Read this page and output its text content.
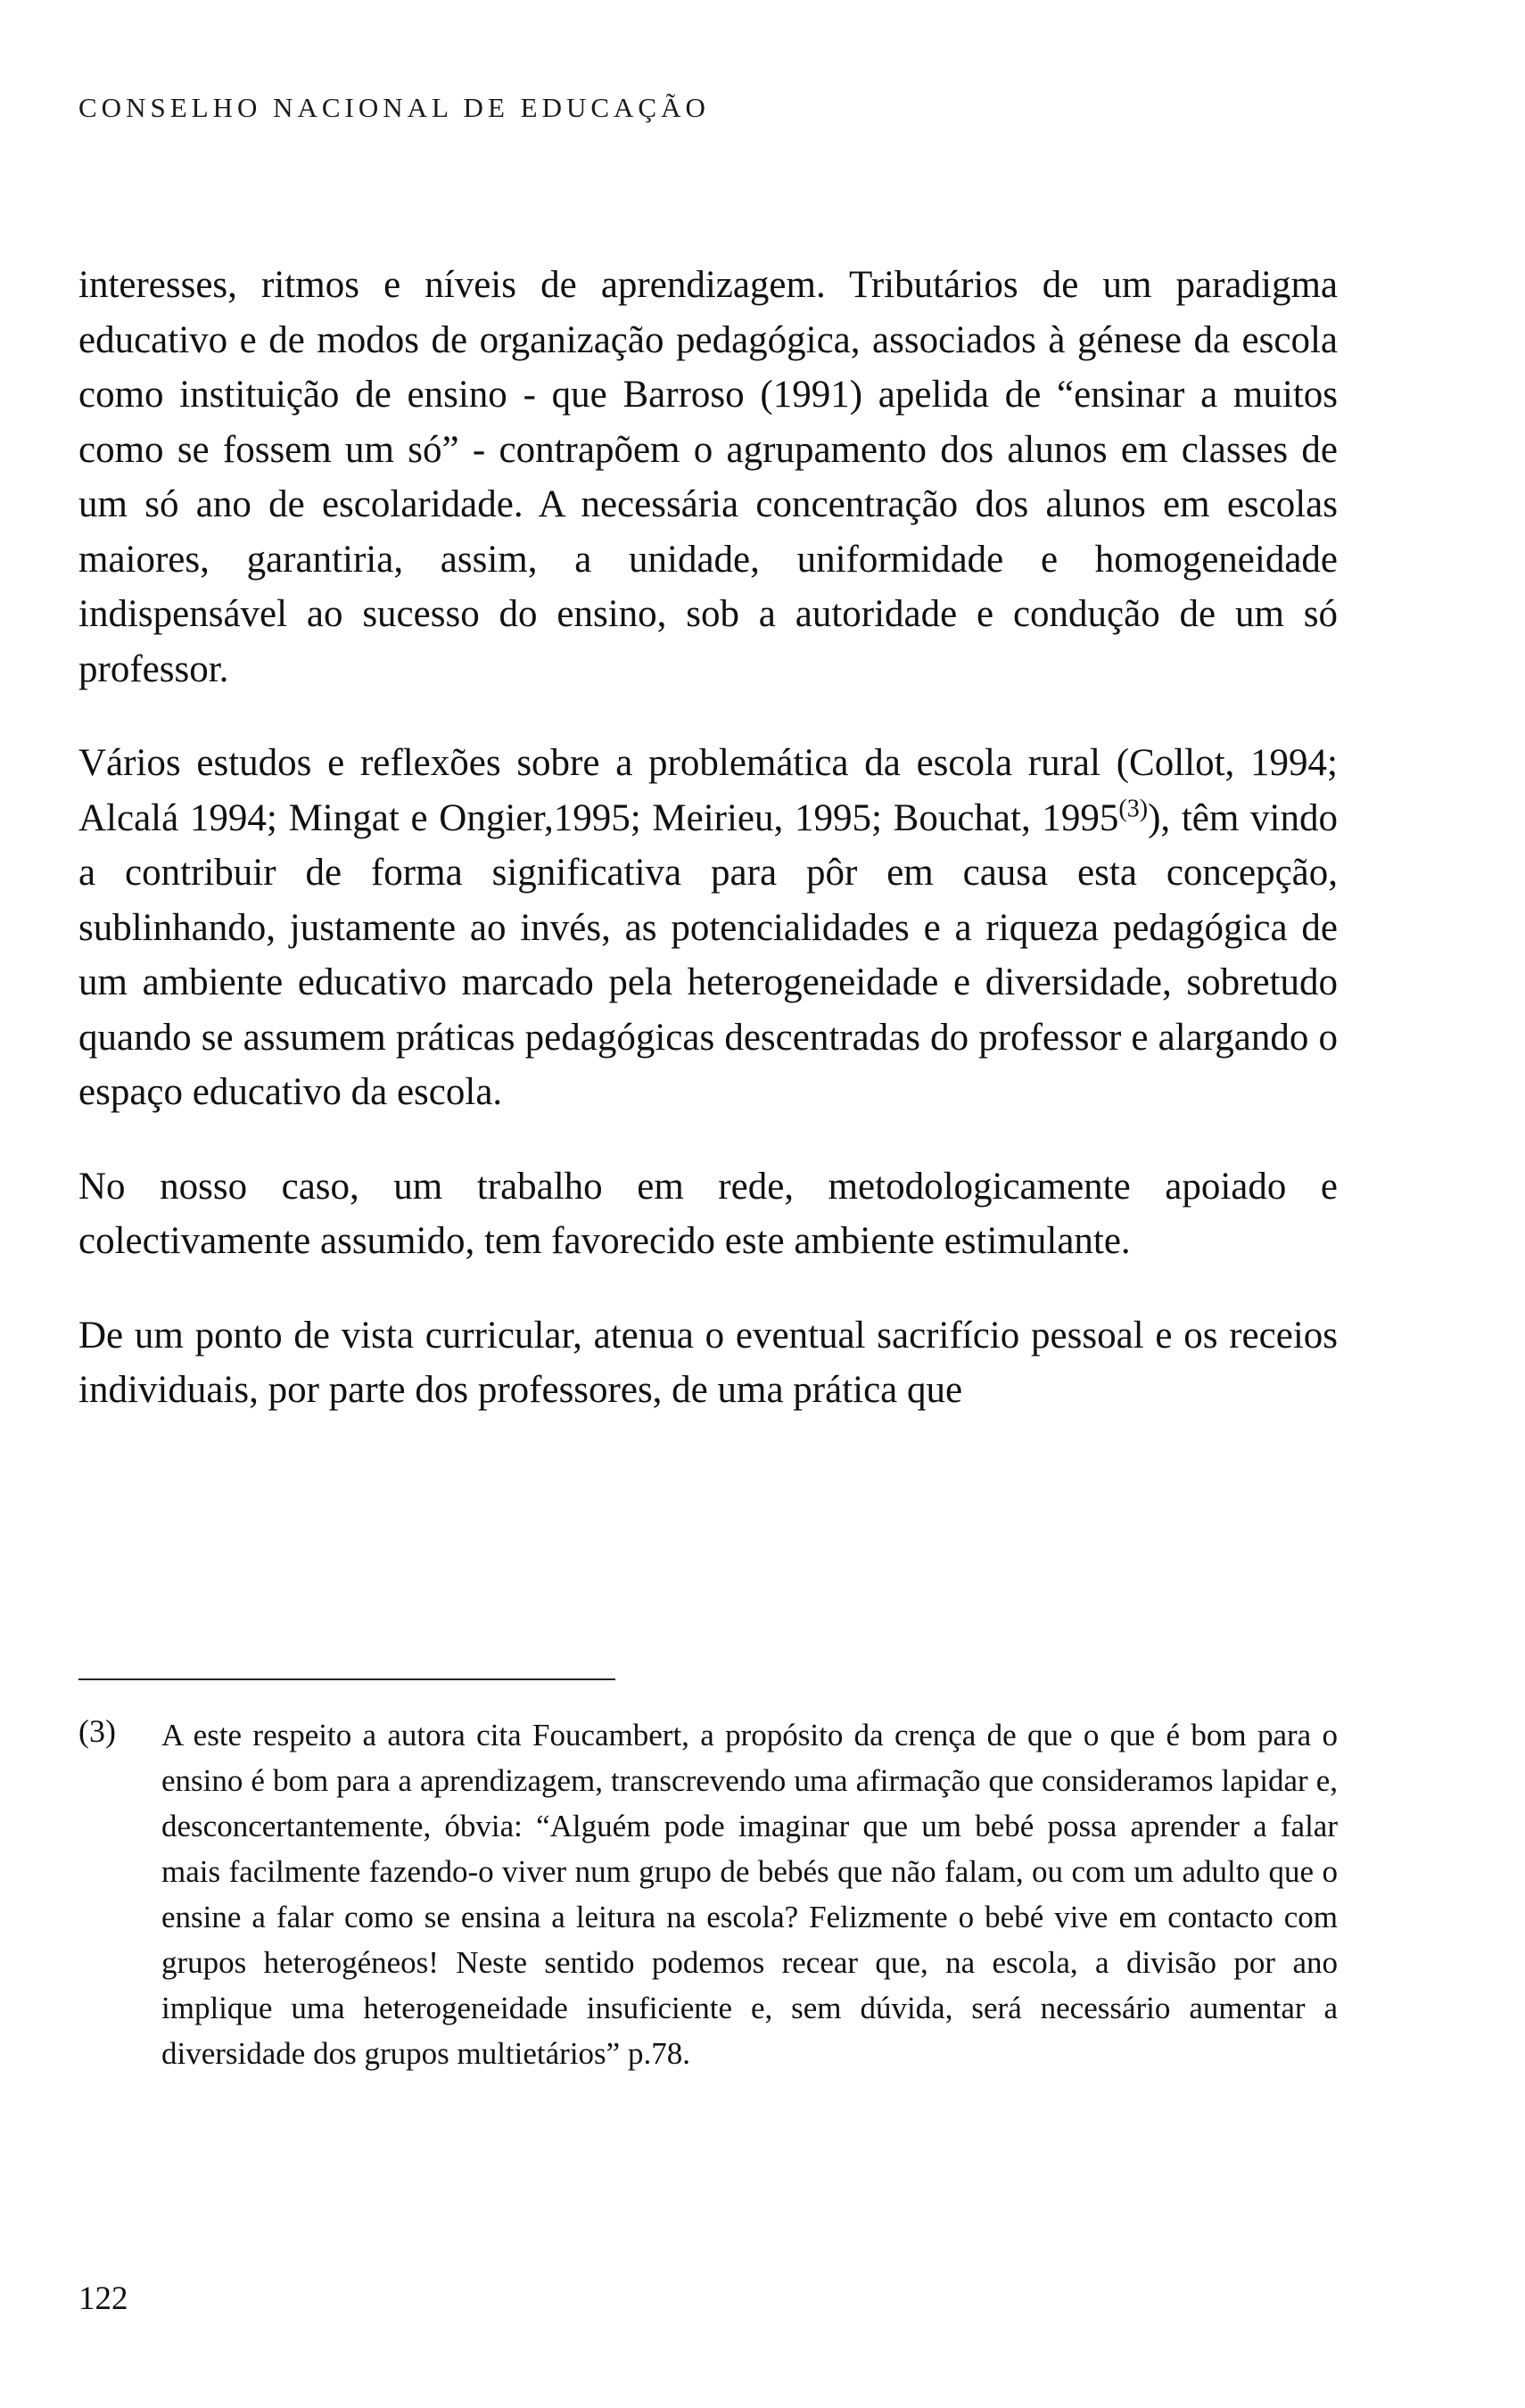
CONSELHO NACIONAL DE EDUCAÇÃO

interesses, ritmos e níveis de aprendizagem. Tributários de um paradigma educativo e de modos de organização pedagógica, associados à génese da escola como instituição de ensino - que Barroso (1991) apelida de “ensinar a muitos como se fossem um só” - contrapõem o agrupamento dos alunos em classes de um só ano de escolaridade. A necessária concentração dos alunos em escolas maiores, garantiria, assim, a unidade, uniformidade e homogeneidade indispensável ao sucesso do ensino, sob a autoridade e condução de um só professor.

Vários estudos e reflexões sobre a problemática da escola rural (Collot, 1994; Alcalá 1994; Mingat e Ongier,1995; Meirieu, 1995; Bouchat, 1995$^{(3)}$), têm vindo a contribuir de forma significativa para pôr em causa esta concepção, sublinhando, justamente ao invés, as potencialidades e a riqueza pedagógica de um ambiente educativo marcado pela heterogeneidade e diversidade, sobretudo quando se assumem práticas pedagógicas descentradas do professor e alargando o espaço educativo da escola.

No nosso caso, um trabalho em rede, metodologicamente apoiado e colectivamente assumido, tem favorecido este ambiente estimulante.

De um ponto de vista curricular, atenua o eventual sacrifício pessoal e os receios individuais, por parte dos professores, de uma prática que

(3) A este respeito a autora cita Foucambert, a propósito da crença de que o que é bom para o ensino é bom para a aprendizagem, transcrevendo uma afirmação que consideramos lapidar e, desconcertantemente, óbvia: “Alguém pode imaginar que um bebé possa aprender a falar mais facilmente fazendo-o viver num grupo de bebés que não falam, ou com um adulto que o ensine a falar como se ensina a leitura na escola? Felizmente o bebé vive em contacto com grupos heterogéneos! Neste sentido podemos recear que, na escola, a divisão por ano implique uma heterogeneidade insuficiente e, sem dúvida, será necessário aumentar a diversidade dos grupos multietários” p.78.
122
